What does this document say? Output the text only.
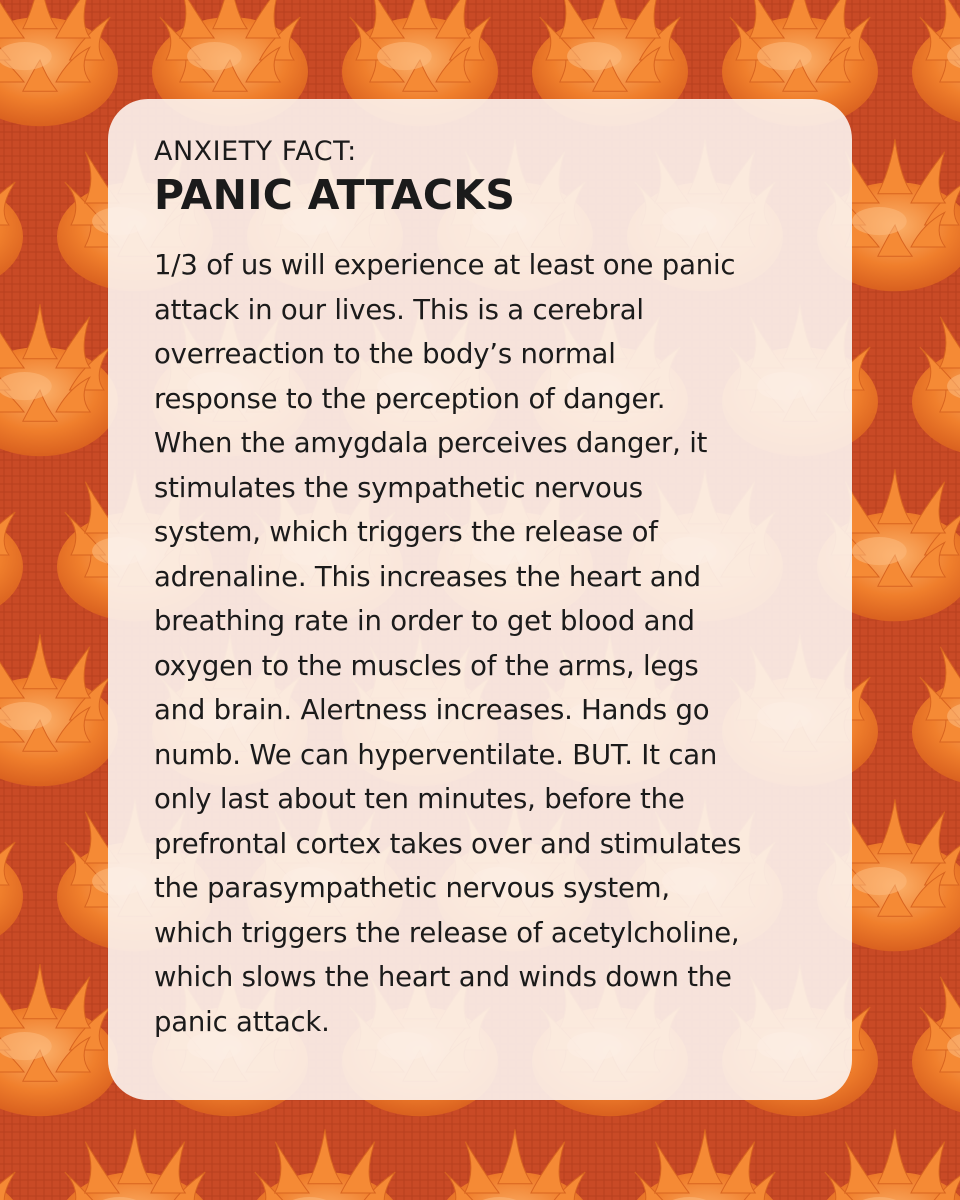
ANXIETY FACT:

PANIC ATTACKS
1/3 of us will experience at least one panic
attack in our lives. This is a cerebral
overreaction to the body’s normal
response to the perception of danger.
When the amygdala perceives danger, it
stimulates the sympathetic nervous
system, which triggers the release of
adrenaline. This increases the heart and
breathing rate in order to get blood and
oxygen to the muscles of the arms, legs
and brain. Alertness increases. Hands go
numb. We can hyperventilate. BUT. It can
only last about ten minutes, before the
prefrontal cortex takes over and stimulates
the parasympathetic nervous system,
which triggers the release of acetylcholine,
which slows the heart and winds down the
panic attack.
